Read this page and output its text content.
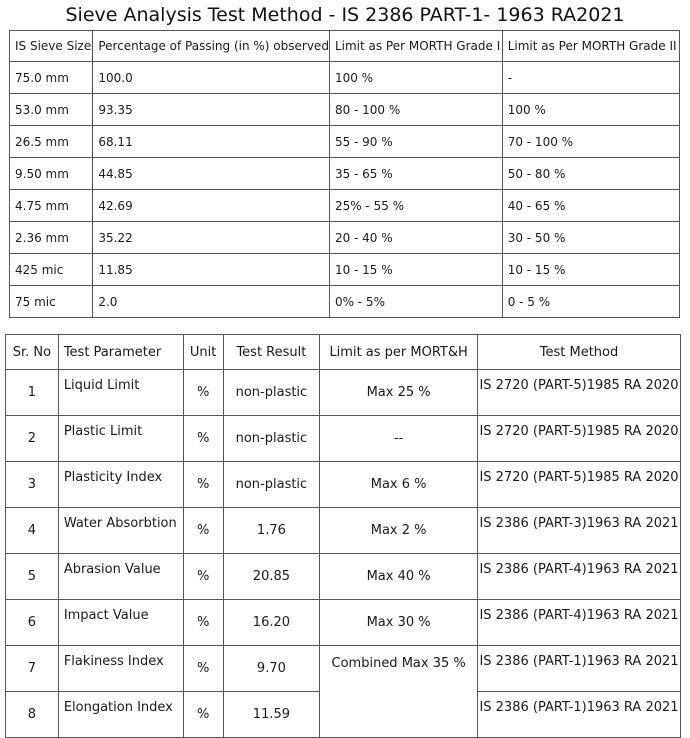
Sieve Analysis Test Method - IS 2386 PART-1- 1963 RA2021
IS Sieve Size	Percentage of Passing (in %) observed	Limit as Per MORTH Grade I	Limit as Per MORTH Grade II
75.0 mm	100.0	100 %	-
53.0 mm	93.35	80 - 100 %	100 %
26.5 mm	68.11	55 - 90 %	70 - 100 %
9.50 mm	44.85	35 - 65 %	50 - 80 %
4.75 mm	42.69	25% - 55 %	40 - 65 %
2.36 mm	35.22	20 - 40 %	30 - 50 %
425 mic	11.85	10 - 15 %	10 - 15 %
75 mic	2.0	0% - 5%	0 - 5 %
Sr. No	Test Parameter	Unit	Test Result	Limit as per MORT&H	Test Method
1	Liquid Limit	%	non-plastic	Max 25 %	IS 2720 (PART-5)1985 RA 2020
2	Plastic Limit	%	non-plastic	--	IS 2720 (PART-5)1985 RA 2020
3	Plasticity Index	%	non-plastic	Max 6 %	IS 2720 (PART-5)1985 RA 2020
4	Water Absorbtion	%	1.76	Max 2 %	IS 2386 (PART-3)1963 RA 2021
5	Abrasion Value	%	20.85	Max 40 %	IS 2386 (PART-4)1963 RA 2021
6	Impact Value	%	16.20	Max 30 %	IS 2386 (PART-4)1963 RA 2021
7	Flakiness Index	%	9.70	Combined Max 35 %	IS 2386 (PART-1)1963 RA 2021
8	Elongation Index	%	11.59		IS 2386 (PART-1)1963 RA 2021
